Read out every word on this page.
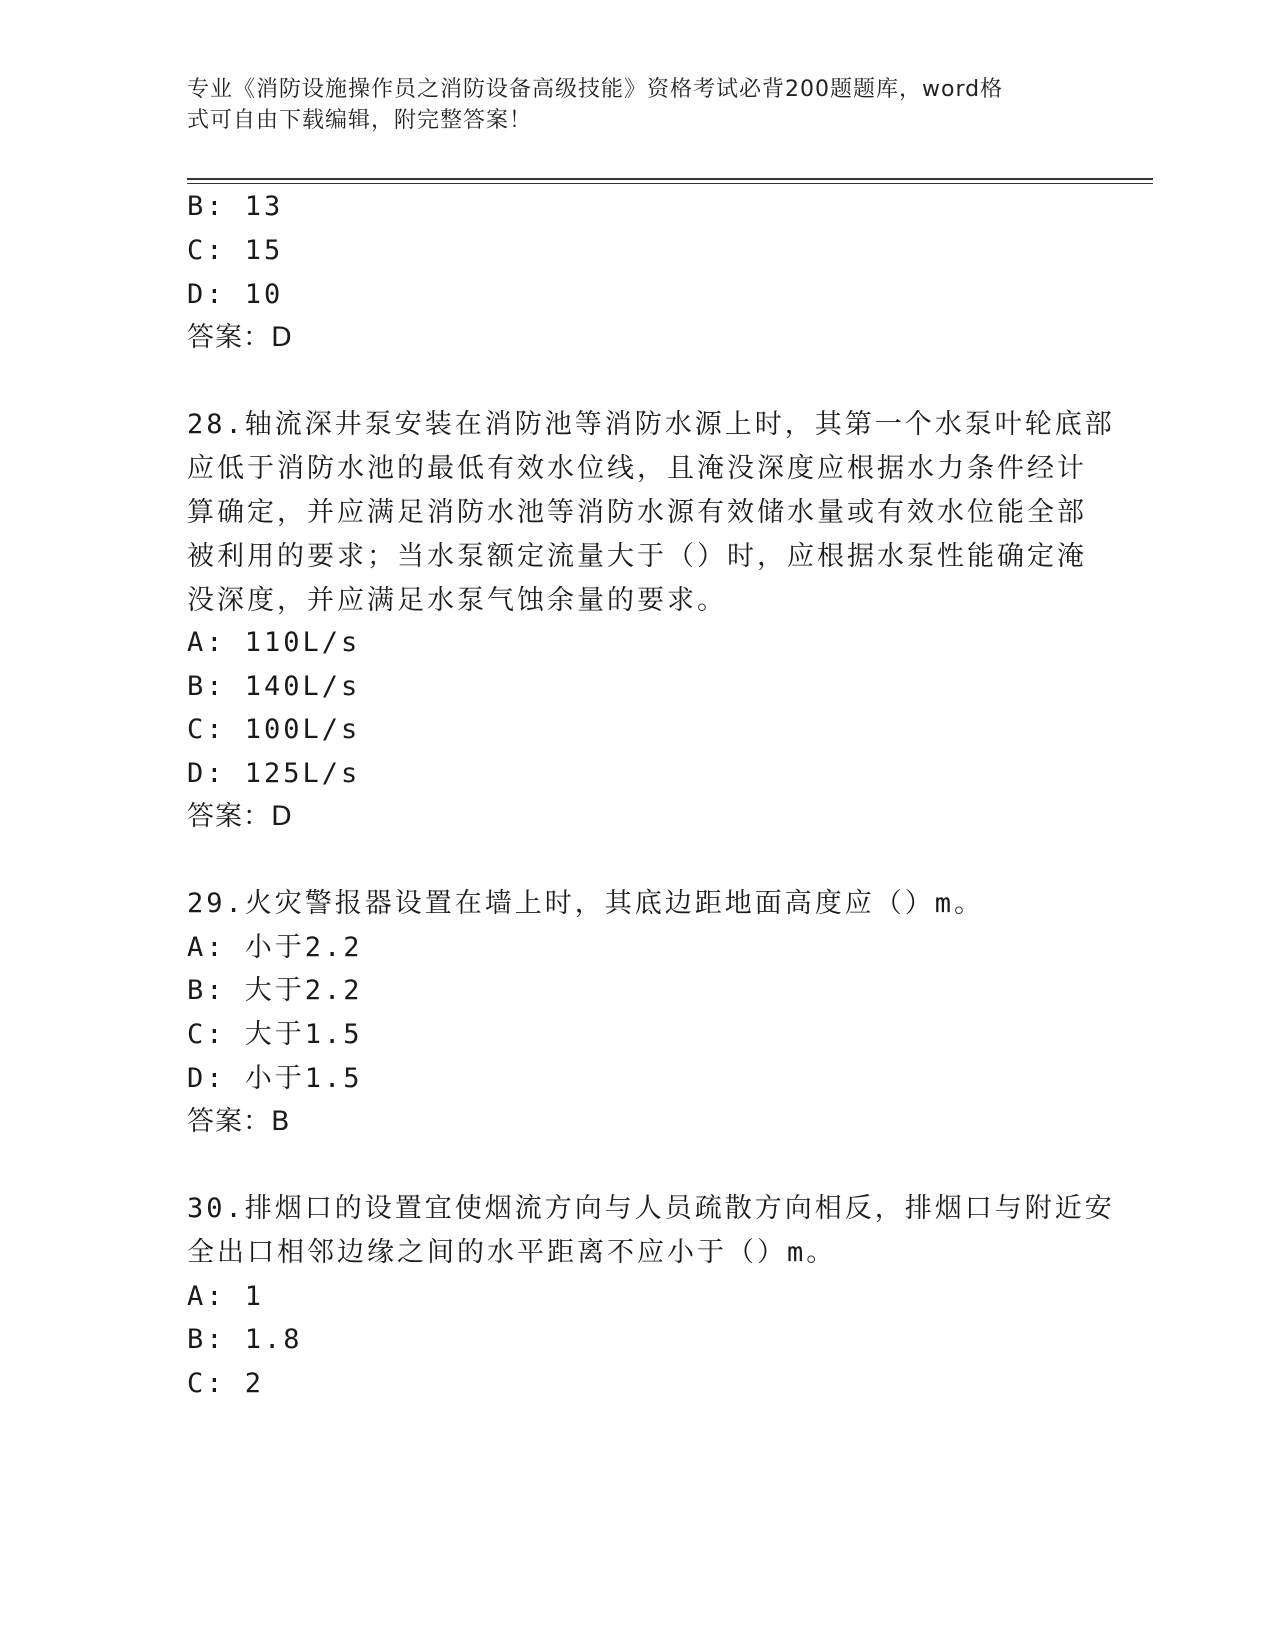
专业《消防设施操作员之消防设备高级技能》资格考试必背200题题库，word格
式可自由下载编辑，附完整答案！
B: 13
C: 15
D: 10
答案：D
28.轴流深井泵安装在消防池等消防水源上时，其第一个水泵叶轮底部
应低于消防水池的最低有效水位线，且淹没深度应根据水力条件经计
算确定，并应满足消防水池等消防水源有效储水量或有效水位能全部
被利用的要求；当水泵额定流量大于（）时，应根据水泵性能确定淹
没深度，并应满足水泵气蚀余量的要求。
A: 110L/s
B: 140L/s
C: 100L/s
D: 125L/s
答案：D
29.火灾警报器设置在墙上时，其底边距地面高度应（）m。
A: 小于2.2
B: 大于2.2
C: 大于1.5
D: 小于1.5
答案：B
30.排烟口的设置宜使烟流方向与人员疏散方向相反，排烟口与附近安
全出口相邻边缘之间的水平距离不应小于（）m。
A: 1
B: 1.8
C: 2
